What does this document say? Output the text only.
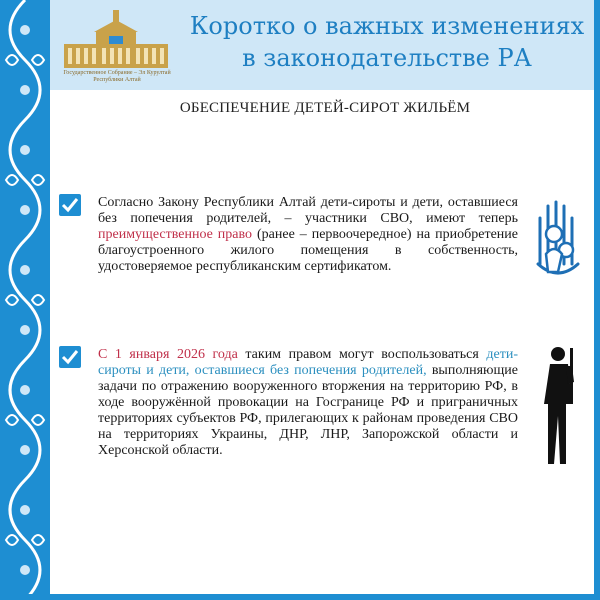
Государственное Собрание – Эл Курултай Республики Алтай
Коротко о важных изменениях
в законодательстве РА
ОБЕСПЕЧЕНИЕ ДЕТЕЙ-СИРОТ ЖИЛЬЁМ
Согласно Закону Республики Алтай дети-сироты и дети, оставшиеся без попечения родителей, – участники СВО, имеют теперь преимущественное право (ранее – первоочередное) на приобретение благоустроенного жилого помещения в собственность, удостоверяемое республиканским сертификатом.
С 1 января 2026 года таким правом могут воспользоваться дети-сироты и дети, оставшиеся без попечения родителей, выполняющие задачи по отражению вооруженного вторжения на территорию РФ, в ходе вооружённой провокации на Госгранице РФ и приграничных территориях субъектов РФ, прилегающих к районам проведения СВО на территориях Украины, ДНР, ЛНР, Запорожской области и Херсонской области.
